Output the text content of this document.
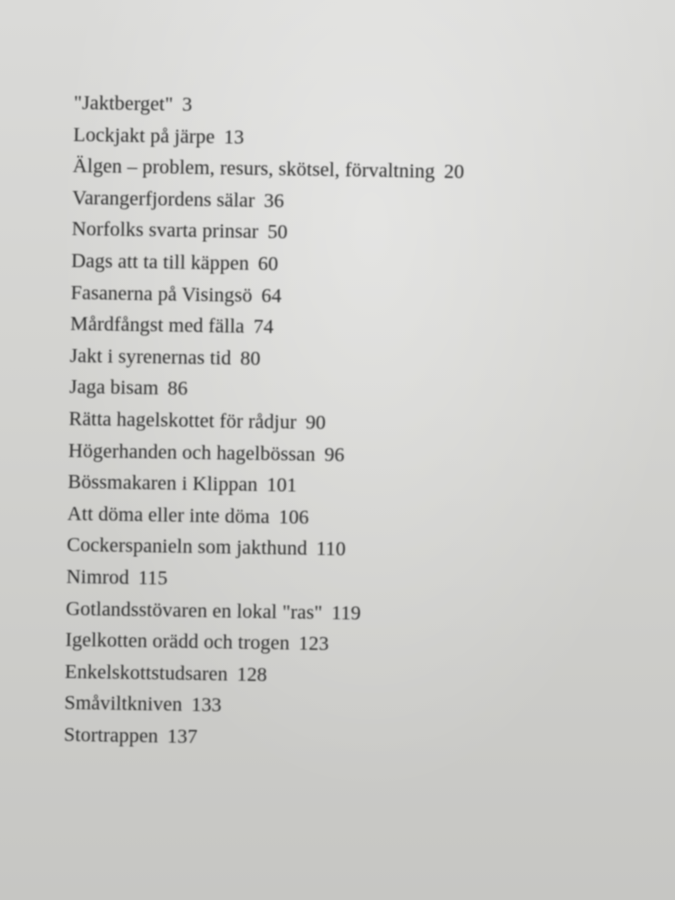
"Jaktberget" 3
Lockjakt på järpe 13
Älgen – problem, resurs, skötsel, förvaltning 20
Varangerfjordens sälar 36
Norfolks svarta prinsar 50
Dags att ta till käppen 60
Fasanerna på Visingsö 64
Mårdfångst med fälla 74
Jakt i syrenernas tid 80
Jaga bisam 86
Rätta hagelskottet för rådjur 90
Högerhanden och hagelbössan 96
Bössmakaren i Klippan 101
Att döma eller inte döma 106
Cockerspanieln som jakthund 110
Nimrod 115
Gotlandsstövaren en lokal "ras" 119
Igelkotten orädd och trogen 123
Enkelskottstudsaren 128
Småviltkniven 133
Stortrappen 137
